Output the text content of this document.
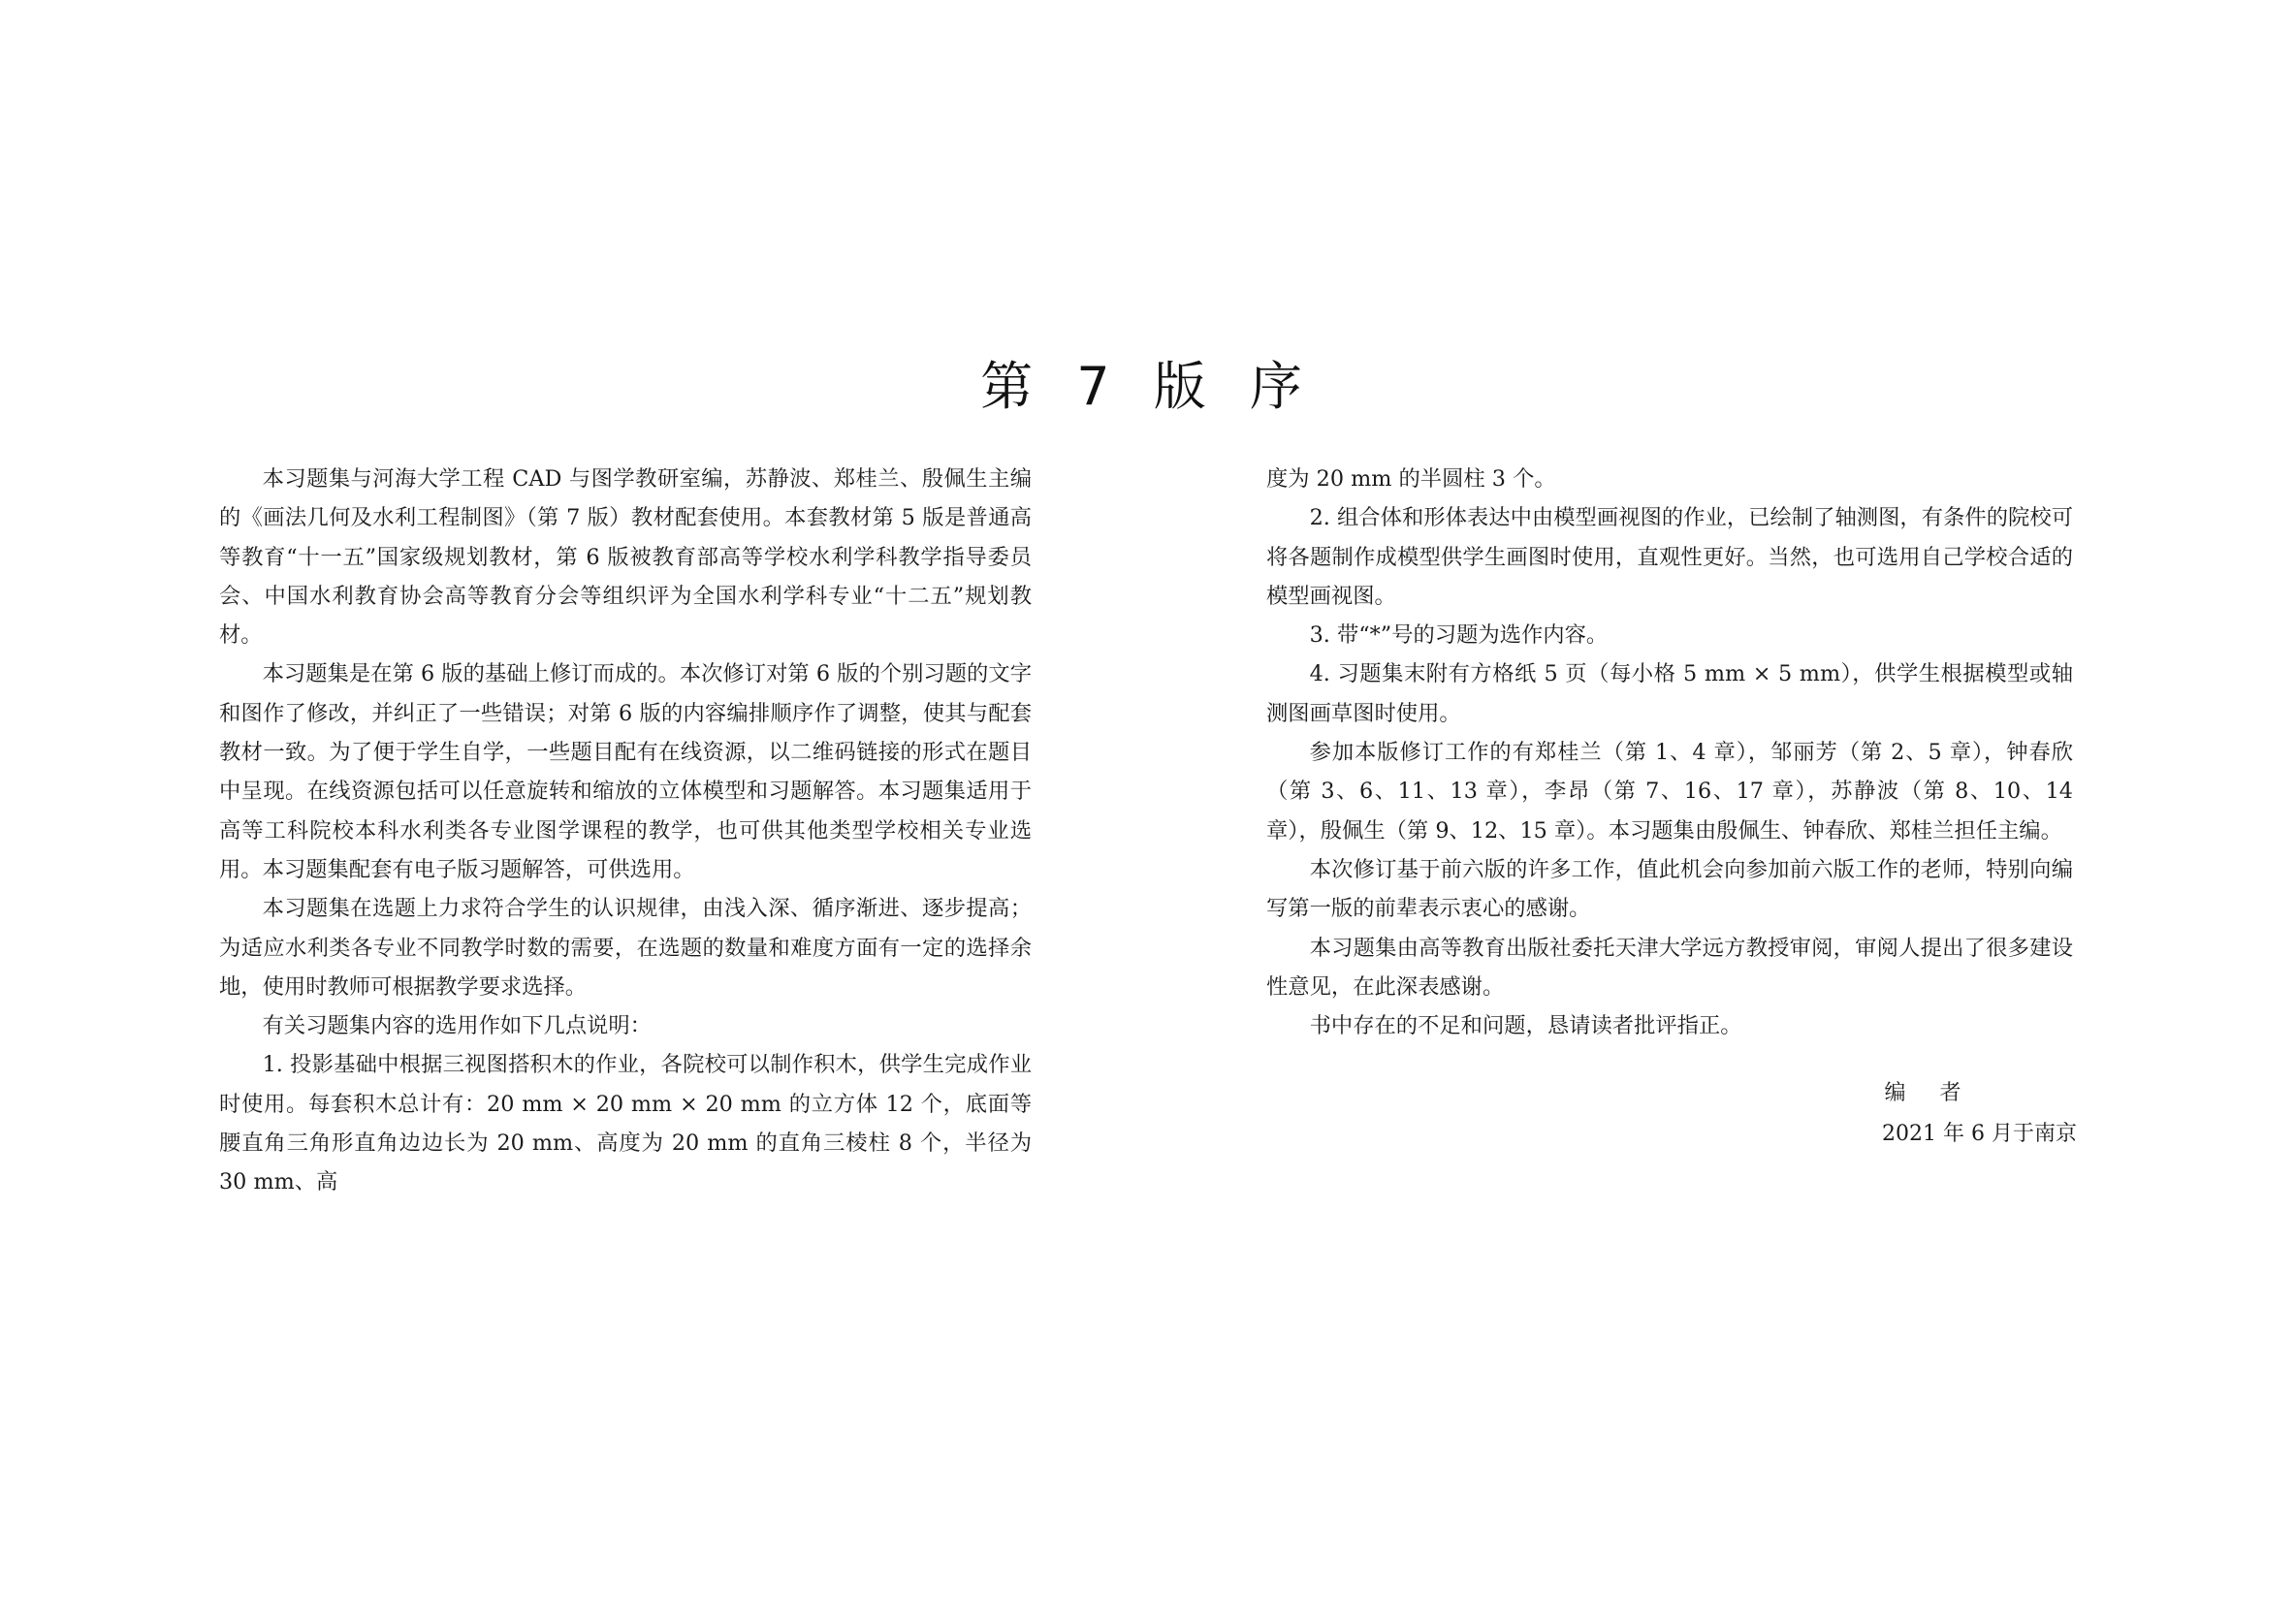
第 7 版 序

本习题集与河海大学工程 CAD 与图学教研室编，苏静波、郑桂兰、殷佩生主编的《画法几何及水利工程制图》（第 7 版）教材配套使用。本套教材第 5 版是普通高等教育“十一五”国家级规划教材，第 6 版被教育部高等学校水利学科教学指导委员会、中国水利教育协会高等教育分会等组织评为全国水利学科专业“十二五”规划教材。

本习题集是在第 6 版的基础上修订而成的。本次修订对第 6 版的个别习题的文字和图作了修改，并纠正了一些错误；对第 6 版的内容编排顺序作了调整，使其与配套教材一致。为了便于学生自学，一些题目配有在线资源，以二维码链接的形式在题目中呈现。在线资源包括可以任意旋转和缩放的立体模型和习题解答。本习题集适用于高等工科院校本科水利类各专业图学课程的教学，也可供其他类型学校相关专业选用。本习题集配套有电子版习题解答，可供选用。

本习题集在选题上力求符合学生的认识规律，由浅入深、循序渐进、逐步提高；为适应水利类各专业不同教学时数的需要，在选题的数量和难度方面有一定的选择余地，使用时教师可根据教学要求选择。

有关习题集内容的选用作如下几点说明：

1. 投影基础中根据三视图搭积木的作业，各院校可以制作积木，供学生完成作业时使用。每套积木总计有：20 mm × 20 mm × 20 mm 的立方体 12 个，底面等腰直角三角形直角边边长为 20 mm、高度为 20 mm 的直角三棱柱 8 个，半径为 30 mm、高

度为 20 mm 的半圆柱 3 个。

2. 组合体和形体表达中由模型画视图的作业，已绘制了轴测图，有条件的院校可将各题制作成模型供学生画图时使用，直观性更好。当然，也可选用自己学校合适的模型画视图。

3. 带“*”号的习题为选作内容。

4. 习题集末附有方格纸 5 页（每小格 5 mm × 5 mm），供学生根据模型或轴测图画草图时使用。

参加本版修订工作的有郑桂兰（第 1、4 章），邹丽芳（第 2、5 章），钟春欣（第 3、6、11、13 章），李昂（第 7、16、17 章），苏静波（第 8、10、14 章），殷佩生（第 9、12、15 章）。本习题集由殷佩生、钟春欣、郑桂兰担任主编。

本次修订基于前六版的许多工作，值此机会向参加前六版工作的老师，特别向编写第一版的前辈表示衷心的感谢。

本习题集由高等教育出版社委托天津大学远方教授审阅，审阅人提出了很多建设性意见，在此深表感谢。

书中存在的不足和问题，恳请读者批评指正。

编 者
2021 年 6 月于南京
